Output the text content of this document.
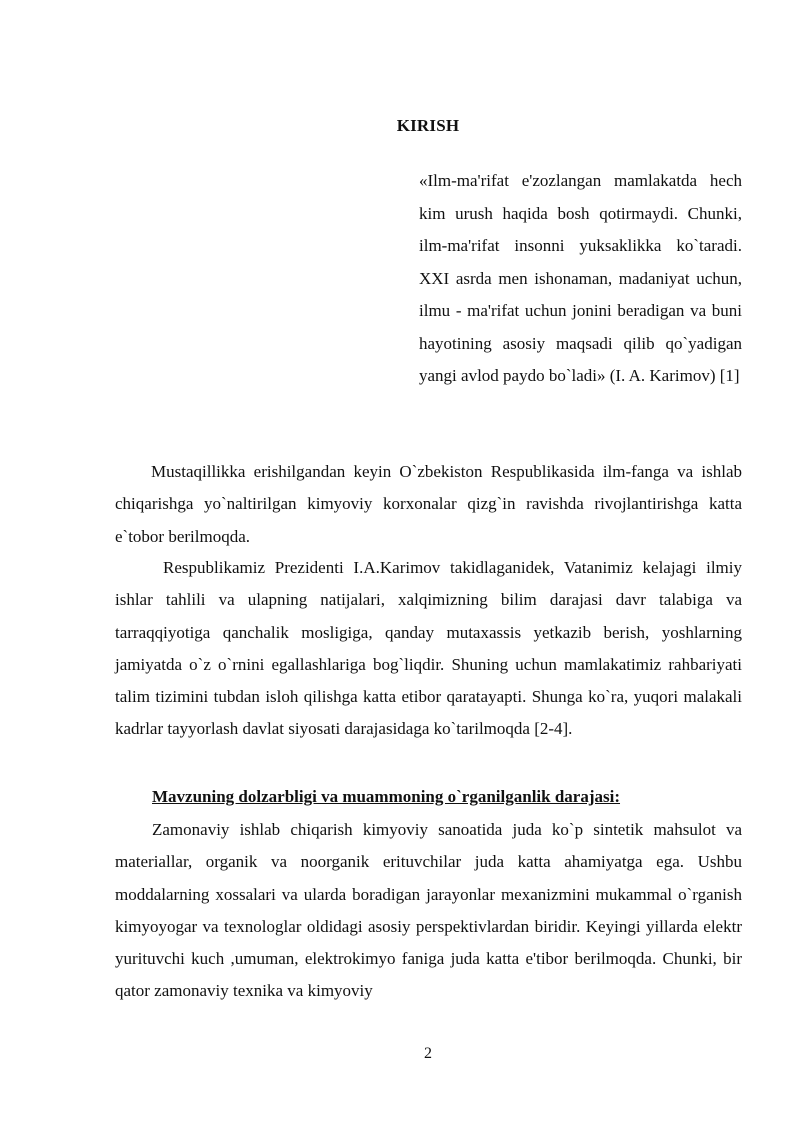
KIRISH
«Ilm-ma'rifat e'zozlangan mamlakatda hech kim urush haqida bosh qotirmaydi. Chunki, ilm-ma'rifat insonni yuksaklikka ko`taradi. XXI asrda men ishonaman, madaniyat uchun, ilmu - ma'rifat uchun jonini beradigan va buni hayotining asosiy maqsadi qilib qo`yadigan yangi avlod paydo bo`ladi» (I. A. Karimov) [1]
Mustaqillikka erishilgandan keyin O`zbekiston Respublikasida ilm-fanga va ishlab chiqarishga yo`naltirilgan kimyoviy korxonalar qizg`in ravishda rivojlantirishga katta e`tobor berilmoqda.
Respublikamiz Prezidenti I.A.Karimov takidlaganidek, Vatanimiz kelajagi ilmiy ishlar tahlili va ulapning natijalari, xalqimizning bilim darajasi davr talabiga va tarraqqiyotiga qanchalik mosligiga, qanday mutaxassis yetkazib berish, yoshlarning jamiyatda o`z o`rnini egallashlariga bog`liqdir. Shuning uchun mamlakatimiz rahbariyati talim tizimini tubdan isloh qilishga katta etibor qaratayapti. Shunga ko`ra, yuqori malakali kadrlar tayyorlash davlat siyosati darajasidaga ko`tarilmoqda [2-4].
Mavzuning dolzarbligi va muammoning o`rganilganlik darajasi:
Zamonaviy ishlab chiqarish kimyoviy sanoatida juda ko`p sintetik mahsulot va materiallar, organik va noorganik erituvchilar juda katta ahamiyatga ega. Ushbu moddalarning xossalari va ularda boradigan jarayonlar mexanizmini mukammal o`rganish kimyoyogar va texnologlar oldidagi asosiy perspektivlardan biridir. Keyingi yillarda elektr yurituvchi kuch ,umuman, elektrokimyo faniga juda katta e'tibor berilmoqda. Chunki, bir qator zamonaviy texnika va kimyoviy
2
